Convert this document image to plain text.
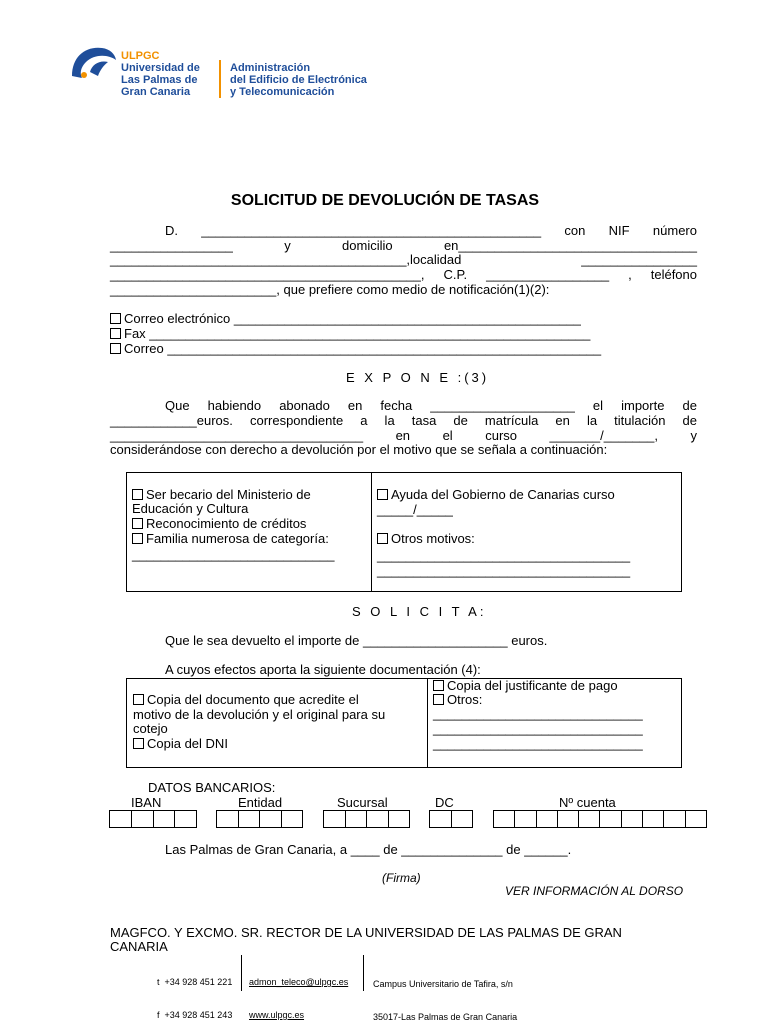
ULPGC
Universidad de
Las Palmas de
Gran Canaria
Administración
del Edificio de Electrónica
y Telecomunicación
SOLICITUD DE DEVOLUCIÓN DE TASAS
D. _______________________________________________ con NIF número
_________________ y domicilio en_________________________________
_________________________________________,localidad ________________
___________________________________________, C.P. _________________ , teléfono
_______________________, que prefiere como medio de notificación(1)(2):
Correo electrónico ________________________________________________
Fax _____________________________________________________________
Correo ____________________________________________________________
E X P O N E :(3)
Que habiendo abonado en fecha ____________________ el importe de
____________euros. correspondiente a la tasa de matrícula en la titulación de
___________________________________ en el curso _______/_______, y
considerándose con derecho a devolución por el motivo que se señala a continuación:
Ser becario del Ministerio de
Educación y Cultura
Reconocimiento de créditos
Familia numerosa de categoría:
____________________________
Ayuda del Gobierno de Canarias curso
_____/_____
Otros motivos:
___________________________________
___________________________________
S O L I C I T A:
Que le sea devuelto el importe de ____________________ euros.
A cuyos efectos aporta la siguiente documentación (4):
Copia del documento que acredite el
motivo de la devolución y el original para su
cotejo
Copia del DNI
Copia del justificante de pago
Otros:
_____________________________
_____________________________
_____________________________
DATOS BANCARIOS:
IBAN	Entidad	Sucursal	DC	Nº cuenta
Las Palmas de Gran Canaria, a ____ de ______________ de ______.
(Firma)
VER INFORMACIÓN AL DORSO
MAGFCO. Y EXCMO. SR. RECTOR DE LA UNIVERSIDAD DE LAS PALMAS DE GRAN
CANARIA

t  +34 928 451 221

f  +34 928 451 243

admon_teleco@ulpgc.es

www.ulpgc.es

Campus Universitario de Tafira, s/n

35017-Las Palmas de Gran Canaria
